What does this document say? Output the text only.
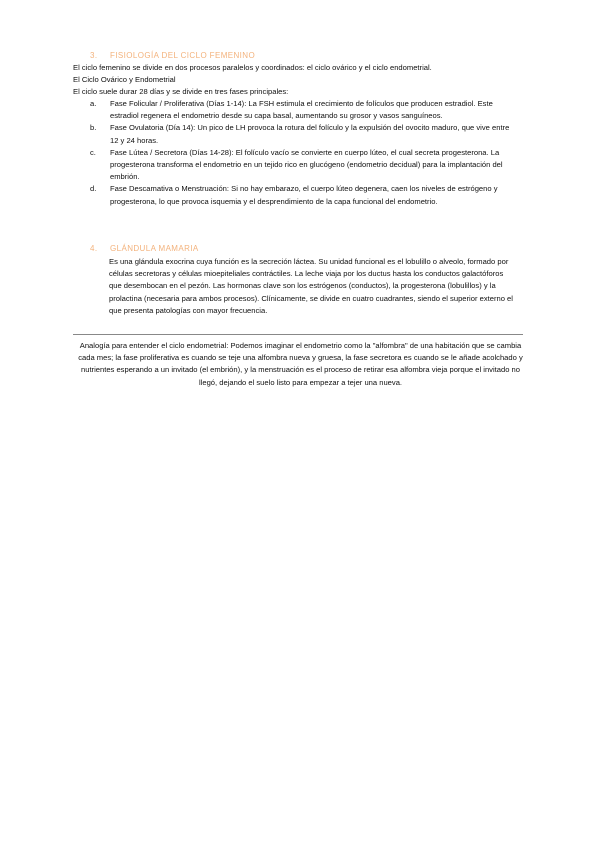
3. FISIOLOGÍA DEL CICLO FEMENINO
El ciclo femenino se divide en dos procesos paralelos y coordinados: el ciclo ovárico y el ciclo endometrial.
El Ciclo Ovárico y Endometrial
El ciclo suele durar 28 días y se divide en tres fases principales:
a. Fase Folicular / Proliferativa (Días 1-14): La FSH estimula el crecimiento de folículos que producen estradiol. Este estradiol regenera el endometrio desde su capa basal, aumentando su grosor y vasos sanguíneos.
b. Fase Ovulatoria (Día 14): Un pico de LH provoca la rotura del folículo y la expulsión del ovocito maduro, que vive entre 12 y 24 horas.
c. Fase Lútea / Secretora (Días 14-28): El folículo vacío se convierte en cuerpo lúteo, el cual secreta progesterona. La progesterona transforma el endometrio en un tejido rico en glucógeno (endometrio decidual) para la implantación del embrión.
d. Fase Descamativa o Menstruación: Si no hay embarazo, el cuerpo lúteo degenera, caen los niveles de estrógeno y progesterona, lo que provoca isquemia y el desprendimiento de la capa funcional del endometrio.
4. GLÁNDULA MAMARIA
Es una glándula exocrina cuya función es la secreción láctea. Su unidad funcional es el lobulillo o alveolo, formado por células secretoras y células mioepiteliales contráctiles. La leche viaja por los ductus hasta los conductos galactóforos que desembocan en el pezón. Las hormonas clave son los estrógenos (conductos), la progesterona (lobulillos) y la prolactina (necesaria para ambos procesos). Clínicamente, se divide en cuatro cuadrantes, siendo el superior externo el que presenta patologías con mayor frecuencia.
Analogía para entender el ciclo endometrial: Podemos imaginar el endometrio como la "alfombra" de una habitación que se cambia cada mes; la fase proliferativa es cuando se teje una alfombra nueva y gruesa, la fase secretora es cuando se le añade acolchado y nutrientes esperando a un invitado (el embrión), y la menstruación es el proceso de retirar esa alfombra vieja porque el invitado no llegó, dejando el suelo listo para empezar a tejer una nueva.
